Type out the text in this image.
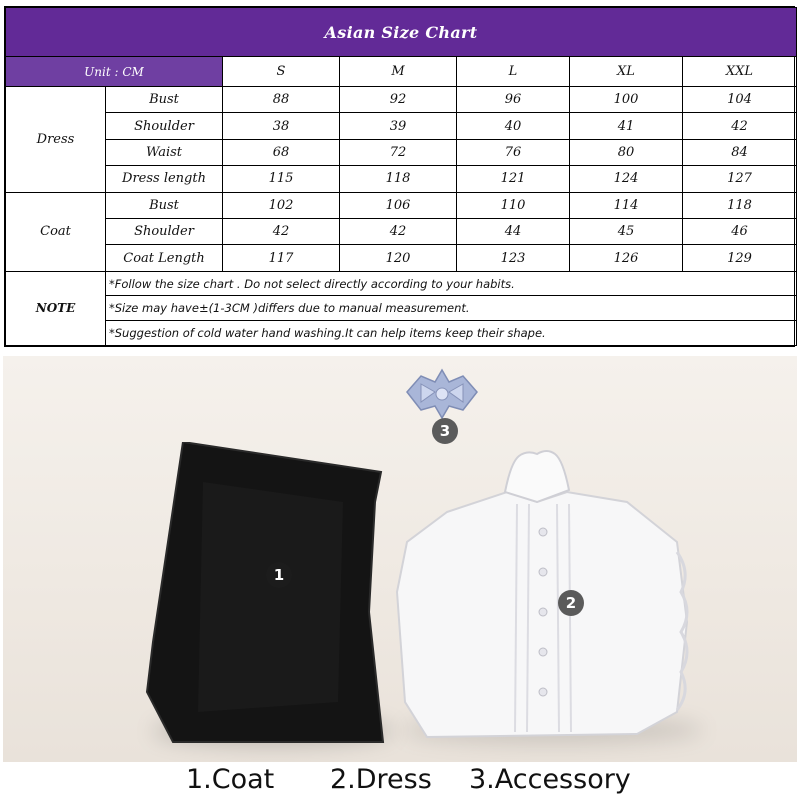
Asian Size Chart						
Unit : CM		S	M	L	XL	XXL
Dress	Bust	88	92	96	100	104
	Shoulder	38	39	40	41	42
	Waist	68	72	76	80	84
	Dress length	115	118	121	124	127
Coat	Bust	102	106	110	114	118
	Shoulder	42	42	44	45	46
	Coat Length	117	120	123	126	129
NOTE	*Follow the size chart . Do not select directly according to your habits.					
	*Size may have±(1-3CM )differs due to manual measurement.					
	*Suggestion of cold water hand washing.It can help items keep their shape.					
3
1
2
1.Coat 2.Dress 3.Accessory
